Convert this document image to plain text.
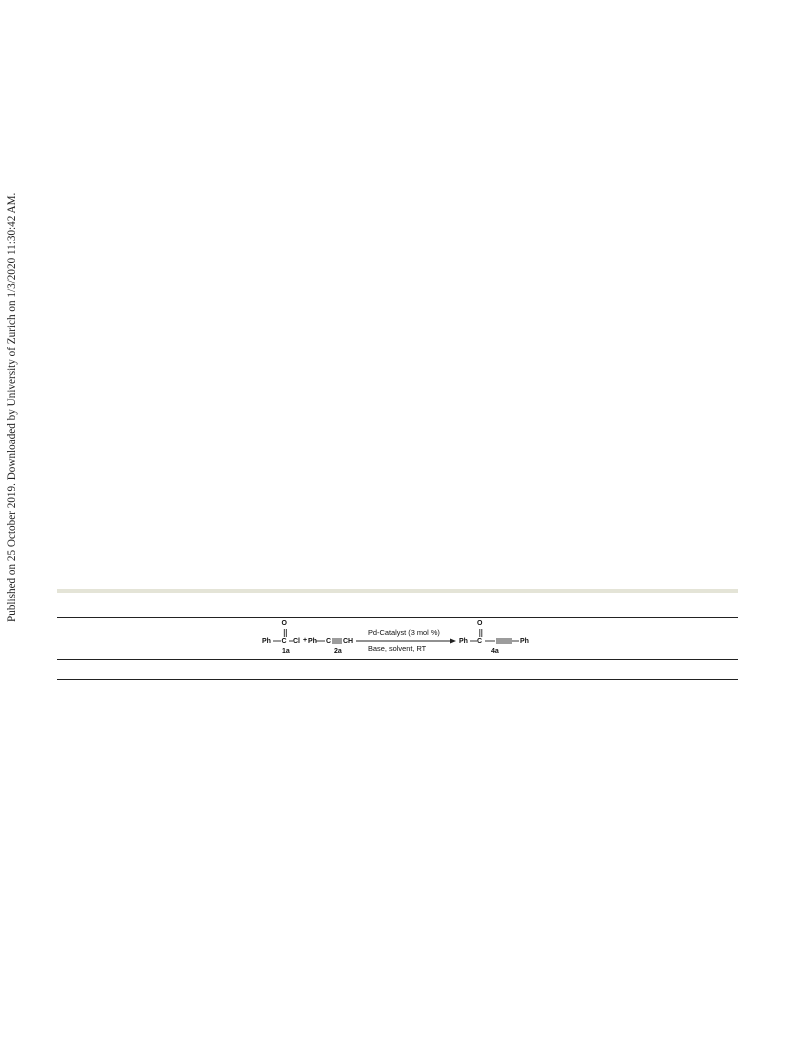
Published on 25 October 2019. Downloaded by University of Zurich on 1/3/2020 11:30:42 AM.
O
Ph C Cl
1a
+ Ph C CH
2a
Pd-Catalyst (3 mol %)
Base, solvent, RT
O
Ph C	Ph
4a
